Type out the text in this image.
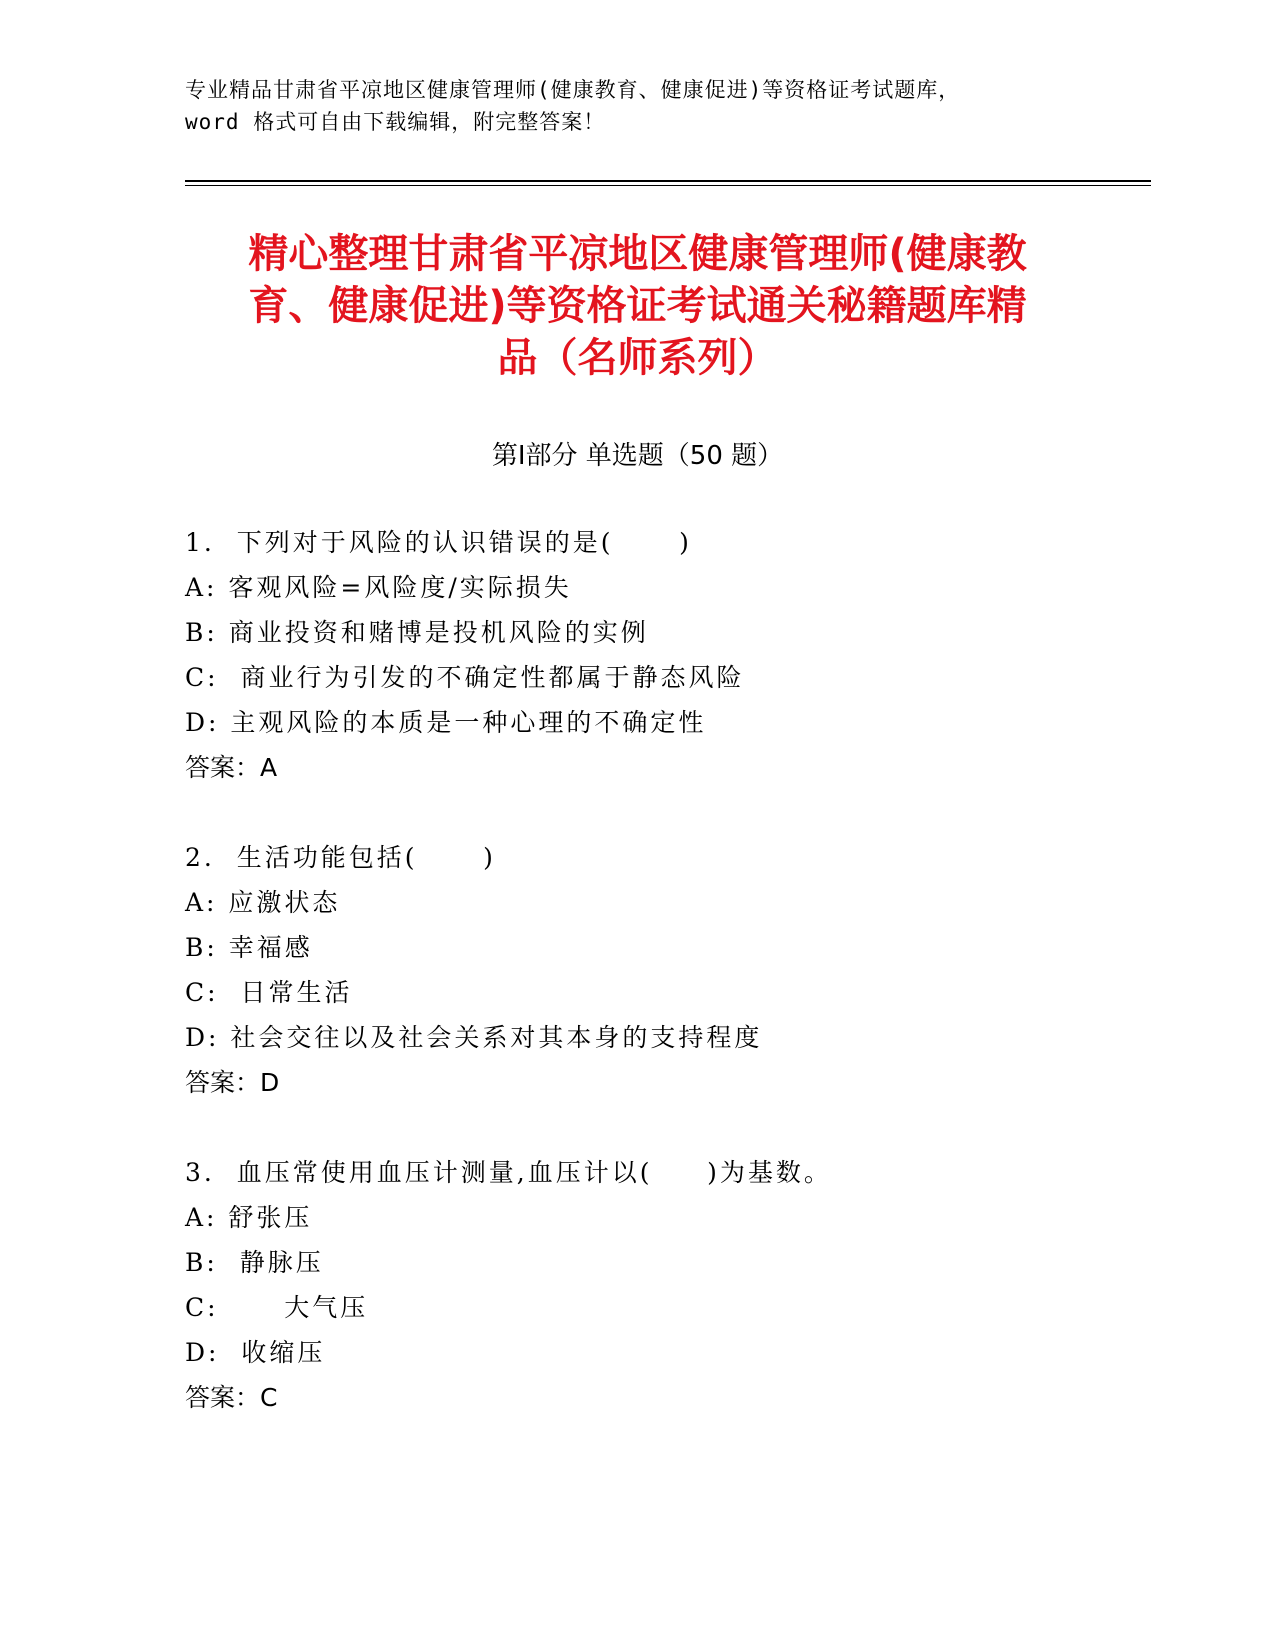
专业精品甘肃省平凉地区健康管理师(健康教育、健康促进)等资格证考试题库，
word 格式可自由下载编辑，附完整答案！
精心整理甘肃省平凉地区健康管理师(健康教
育、健康促进)等资格证考试通关秘籍题库精
品（名师系列）
第Ⅰ部分 单选题（50 题）
1.  下列对于风险的认识错误的是(      )
A: 客观风险=风险度/实际损失
B: 商业投资和赌博是投机风险的实例
C:  商业行为引发的不确定性都属于静态风险
D: 主观风险的本质是一种心理的不确定性
答案：A
2.  生活功能包括(      )
A: 应激状态
B: 幸福感
C:  日常生活
D: 社会交往以及社会关系对其本身的支持程度
答案：D
3.  血压常使用血压计测量,血压计以(     )为基数。
A: 舒张压
B:  静脉压
C:      大气压
D:  收缩压
答案：C
